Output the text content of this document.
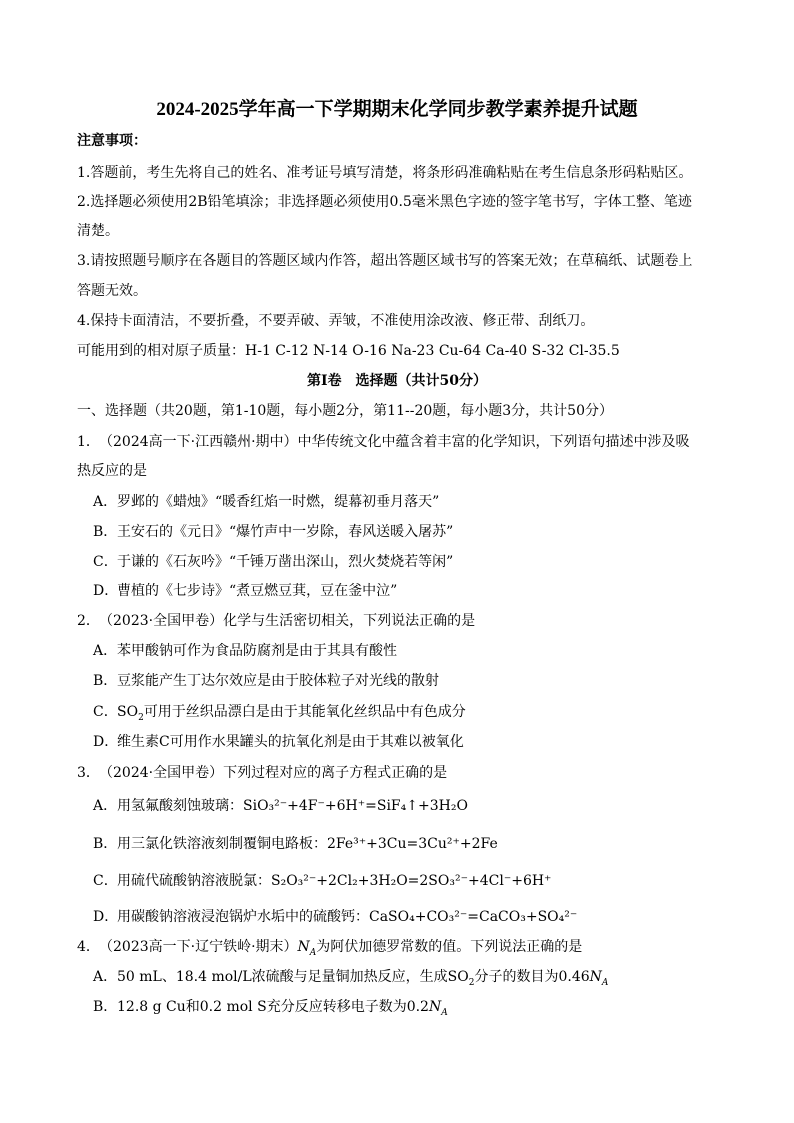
2024-2025学年高一下学期期末化学同步教学素养提升试题
注意事项：
1.答题前，考生先将自己的姓名、准考证号填写清楚，将条形码准确粘贴在考生信息条形码粘贴区。
2.选择题必须使用2B铅笔填涂；非选择题必须使用0.5毫米黑色字迹的签字笔书写，字体工整、笔迹
清楚。
3.请按照题号顺序在各题目的答题区域内作答，超出答题区域书写的答案无效；在草稿纸、试题卷上
答题无效。
4.保持卡面清洁，不要折叠，不要弄破、弄皱，不准使用涂改液、修正带、刮纸刀。
可能用到的相对原子质量：H-1 C-12 N-14 O-16 Na-23 Cu-64 Ca-40 S-32 Cl-35.5
第Ⅰ卷　选择题（共计50分）
一、选择题（共20题，第1-10题，每小题2分，第11--20题，每小题3分，共计50分）
1．（2024高一下·江西赣州·期中）中华传统文化中蕴含着丰富的化学知识，下列语句描述中涉及吸
热反应的是
A．罗邺的《蜡烛》“暖香红焰一时燃，缇幕初垂月落天”
B．王安石的《元日》“爆竹声中一岁除，春风送暖入屠苏”
C．于谦的《石灰吟》“千锤万凿出深山，烈火焚烧若等闲”
D．曹植的《七步诗》“煮豆燃豆萁，豆在釜中泣”
2．（2023·全国甲卷）化学与生活密切相关，下列说法正确的是
A．苯甲酸钠可作为食品防腐剂是由于其具有酸性
B．豆浆能产生丁达尔效应是由于胶体粒子对光线的散射
C．$SO_2$可用于丝织品漂白是由于其能氧化丝织品中有色成分
D．维生素C可用作水果罐头的抗氧化剂是由于其难以被氧化
3．（2024·全国甲卷）下列过程对应的离子方程式正确的是
A．用氢氟酸刻蚀玻璃：SiO₃²⁻+4F⁻+6H⁺=SiF₄↑+3H₂O
B．用三氯化铁溶液刻制覆铜电路板：2Fe³⁺+3Cu=3Cu²⁺+2Fe
C．用硫代硫酸钠溶液脱氯：S₂O₃²⁻+2Cl₂+3H₂O=2SO₃²⁻+4Cl⁻+6H⁺
D．用碳酸钠溶液浸泡锅炉水垢中的硫酸钙：CaSO₄+CO₃²⁻=CaCO₃+SO₄²⁻
4．（2023高一下·辽宁铁岭·期末）$N_A$为阿伏加德罗常数的值。下列说法正确的是
A．50 mL、18.4 mol/L浓硫酸与足量铜加热反应，生成$SO_2$分子的数目为$0.46N_A$
B．12.8 g Cu和0.2 mol S充分反应转移电子数为$0.2N_A$
